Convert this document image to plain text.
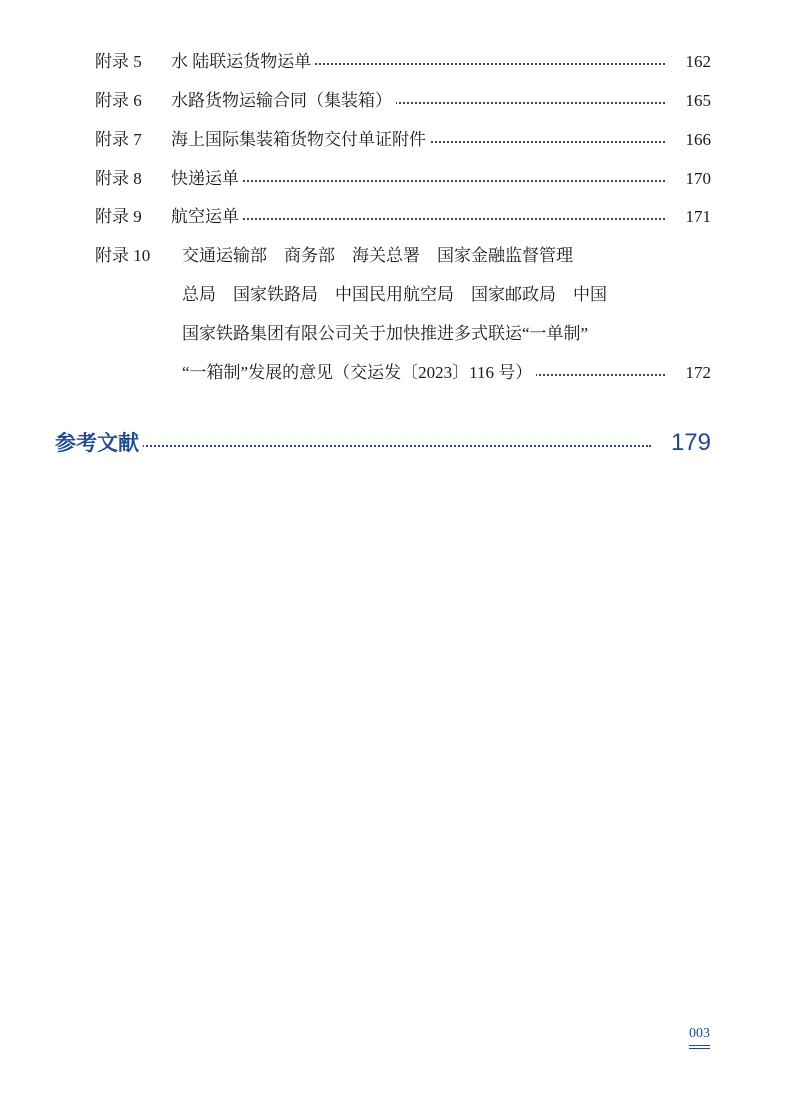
附录 5 水 陆联运货物运单	162
附录 6 水路货物运输合同（集装箱）	165
附录 7 海上国际集装箱货物交付单证附件	166
附录 8 快递运单	170
附录 9 航空运单	171
附录 10 交通运输部　商务部　海关总署　国家金融监督管理
总局　国家铁路局　中国民用航空局　国家邮政局　中国
国家铁路集团有限公司关于加快推进多式联运“一单制”
“一箱制”发展的意见（交运发〔2023〕116 号）	172
参考文献	179
003
